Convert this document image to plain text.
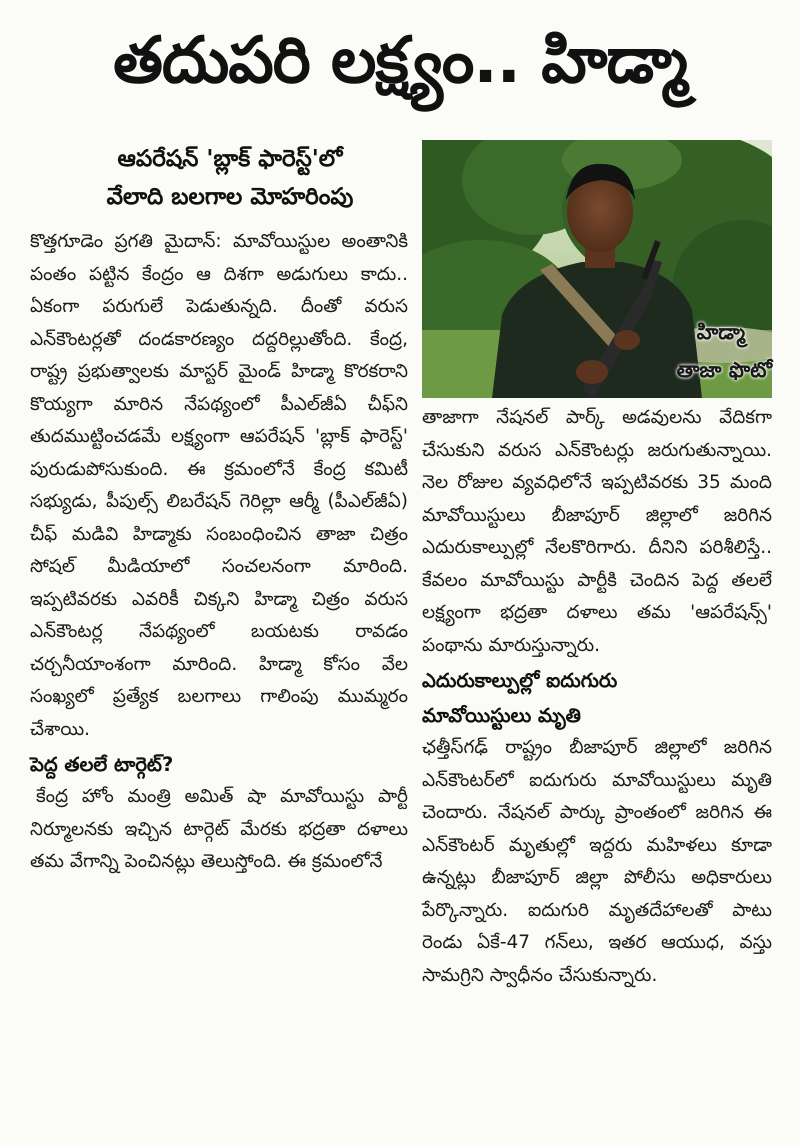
తదుపరి లక్ష్యం.. హిడ్మా
ఆపరేషన్ 'బ్లాక్ ఫారెస్ట్'లో
వేలాది బలగాల మోహరింపు
హిడ్మా
తాజా ఫొటో

కొత్తగూడెం ప్రగతి మైదాన్: మావోయిస్టుల అంతానికి పంతం పట్టిన కేంద్రం ఆ దిశగా అడుగులు కాదు.. ఏకంగా పరుగులే పెడుతున్నది. దీంతో వరుస ఎన్‌కౌంటర్లతో దండకారణ్యం దద్దరిల్లుతోంది. కేంద్ర, రాష్ట్ర ప్రభుత్వాలకు మాస్టర్ మైండ్ హిడ్మా కొరకరాని కొయ్యగా మారిన నేపథ్యంలో పీఎల్‌జీఏ చీఫ్‌ని తుదముట్టించడమే లక్ష్యంగా ఆపరేషన్ 'బ్లాక్ ఫారెస్ట్' పురుడుపోసుకుంది. ఈ క్రమంలోనే కేంద్ర కమిటీ సభ్యుడు, పీపుల్స్ లిబరేషన్ గెరిల్లా ఆర్మీ (పీఎల్‌జీఏ) చీఫ్ మడివి హిడ్మాకు సంబంధించిన తాజా చిత్రం సోషల్ మీడియాలో సంచలనంగా మారింది. ఇప్పటివరకు ఎవరికీ చిక్కని హిడ్మా చిత్రం వరుస ఎన్‌కౌంటర్ల నేపథ్యంలో బయటకు రావడం చర్చనీయాంశంగా మారింది. హిడ్మా కోసం వేల సంఖ్యలో ప్రత్యేక బలగాలు గాలింపు ముమ్మరం చేశాయి.

పెద్ద తలలే టార్గెట్?

కేంద్ర హోం మంత్రి అమిత్ షా మావోయిస్టు పార్టీ నిర్మూలనకు ఇచ్చిన టార్గెట్ మేరకు భద్రతా దళాలు తమ వేగాన్ని పెంచినట్లు తెలుస్తోంది. ఈ క్రమంలోనే

తాజాగా నేషనల్ పార్క్ అడవులను వేదికగా చేసుకుని వరుస ఎన్‌కౌంటర్లు జరుగుతున్నాయి. నెల రోజుల వ్యవధిలోనే ఇప్పటివరకు 35 మంది మావోయిస్టులు బీజాపూర్ జిల్లాలో జరిగిన ఎదురుకాల్పుల్లో నేలకొరిగారు. దీనిని పరిశీలిస్తే.. కేవలం మావోయిస్టు పార్టీకి చెందిన పెద్ద తలలే లక్ష్యంగా భద్రతా దళాలు తమ 'ఆపరేషన్స్' పంథాను మారుస్తున్నారు.

ఎదురుకాల్పుల్లో ఐదుగురు
మావోయిస్టులు మృతి

ఛత్తీస్‌గఢ్ రాష్ట్రం బీజాపూర్ జిల్లాలో జరిగిన ఎన్‌కౌంటర్‌లో ఐదుగురు మావోయిస్టులు మృతి చెందారు. నేషనల్ పార్కు ప్రాంతంలో జరిగిన ఈ ఎన్‌కౌంటర్ మృతుల్లో ఇద్దరు మహిళలు కూడా ఉన్నట్లు బీజాపూర్ జిల్లా పోలీసు అధికారులు పేర్కొన్నారు. ఐదుగురి మృతదేహాలతో పాటు రెండు ఏకే-47 గన్‌లు, ఇతర ఆయుధ, వస్తు సామగ్రిని స్వాధీనం చేసుకున్నారు.
